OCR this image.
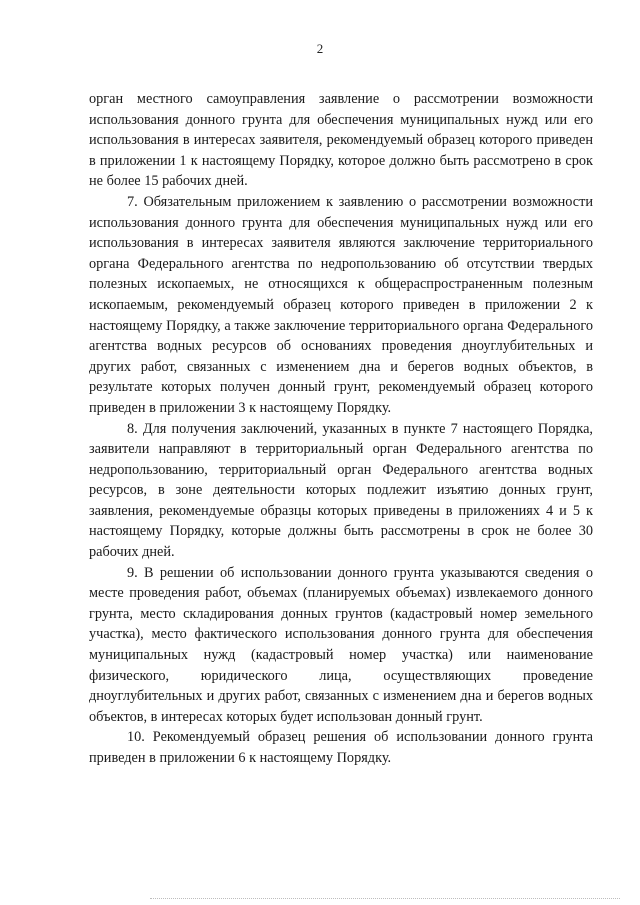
2

орган местного самоуправления заявление о рассмотрении возможности использования донного грунта для обеспечения муниципальных нужд или его использования в интересах заявителя, рекомендуемый образец которого приведен в приложении 1 к настоящему Порядку, которое должно быть рассмотрено в срок не более 15 рабочих дней.

7. Обязательным приложением к заявлению о рассмотрении возможности использования донного грунта для обеспечения муниципальных нужд или его использования в интересах заявителя являются заключение территориального органа Федерального агентства по недропользованию об отсутствии твердых полезных ископаемых, не относящихся к общераспространенным полезным ископаемым, рекомендуемый образец которого приведен в приложении 2 к настоящему Порядку, а также заключение территориального органа Федерального агентства водных ресурсов об основаниях проведения дноуглубительных и других работ, связанных с изменением дна и берегов водных объектов, в результате которых получен донный грунт, рекомендуемый образец которого приведен в приложении 3 к настоящему Порядку.

8. Для получения заключений, указанных в пункте 7 настоящего Порядка, заявители направляют в территориальный орган Федерального агентства по недропользованию, территориальный орган Федерального агентства водных ресурсов, в зоне деятельности которых подлежит изъятию донных грунт, заявления, рекомендуемые образцы которых приведены в приложениях 4 и 5 к настоящему Порядку, которые должны быть рассмотрены в срок не более 30 рабочих дней.

9. В решении об использовании донного грунта указываются сведения о месте проведения работ, объемах (планируемых объемах) извлекаемого донного грунта, место складирования донных грунтов (кадастровый номер земельного участка), место фактического использования донного грунта для обеспечения муниципальных нужд (кадастровый номер участка) или наименование физического, юридического лица, осуществляющих проведение дноуглубительных и других работ, связанных с изменением дна и берегов водных объектов, в интересах которых будет использован донный грунт.

10. Рекомендуемый образец решения об использовании донного грунта приведен в приложении 6 к настоящему Порядку.
